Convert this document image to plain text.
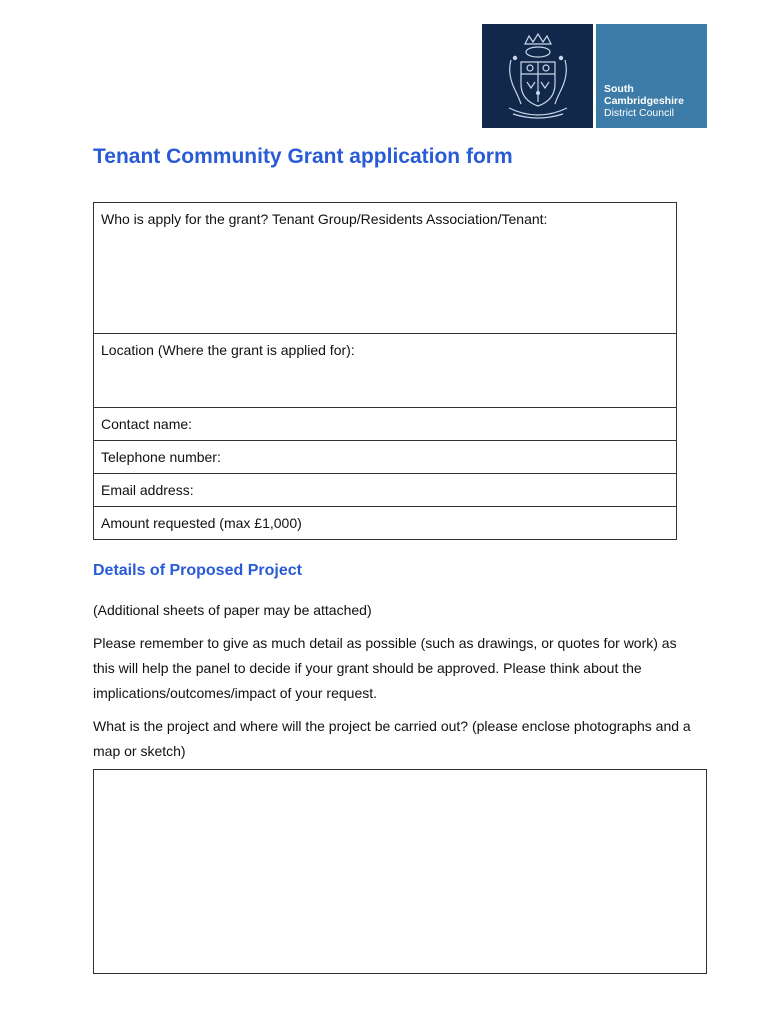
South
Cambridgeshire
District Council
Tenant Community Grant application form
Who is apply for the grant? Tenant Group/Residents Association/Tenant:
Location (Where the grant is applied for):
Contact name:
Telephone number:
Email address:
Amount requested (max £1,000)
Details of Proposed Project

(Additional sheets of paper may be attached)

Please remember to give as much detail as possible (such as drawings, or quotes for work) as this will help the panel to decide if your grant should be approved. Please think about the implications/outcomes/impact of your request.

What is the project and where will the project be carried out? (please enclose photographs and a map or sketch)
